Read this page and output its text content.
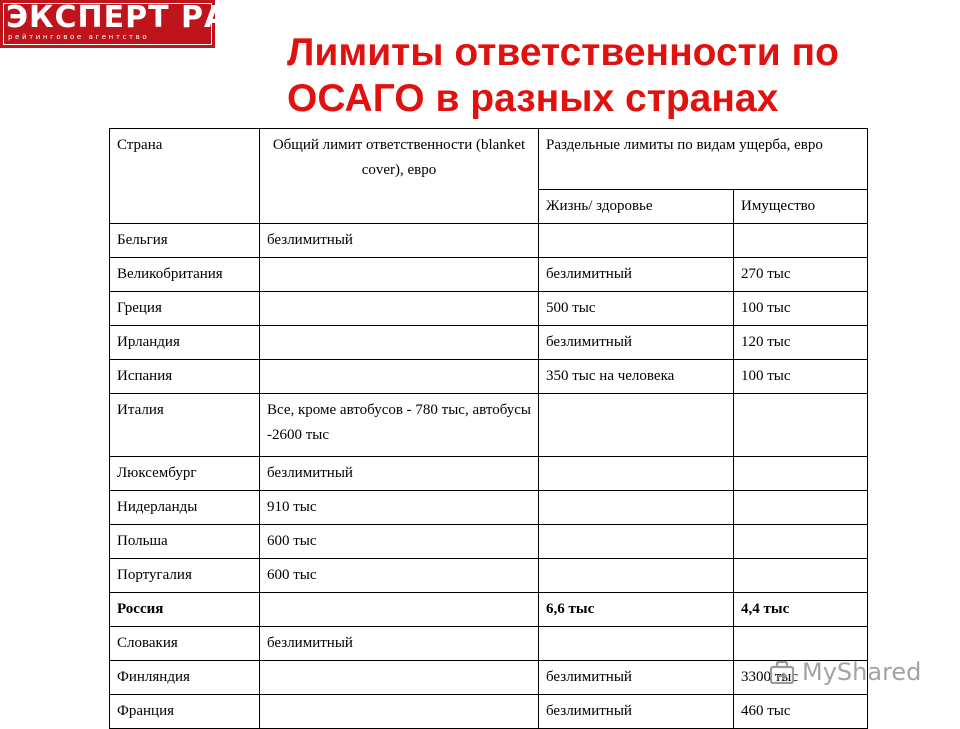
ЭКСПЕРТ РА
рейтинговое агентство	Лимиты ответственности по
ОСАГО в разных странах
Страна	Общий лимит ответственности (blanket cover), евро	Раздельные лимиты по видам ущерба, евро	
		Жизнь/ здоровье	Имущество
Бельгия	безлимитный		
Великобритания		безлимитный	270 тыс
Греция		500 тыс	100 тыс
Ирландия		безлимитный	120 тыс
Испания		350 тыс на человека	100 тыс
Италия	Все, кроме автобусов - 780 тыс, автобусы -2600 тыс		
Люксембург	безлимитный		
Нидерланды	910 тыс		
Польша	600 тыс		
Португалия	600 тыс		
Россия		6,6 тыс	4,4 тыс
Словакия	безлимитный		
Финляндия		безлимитный	3300 тыс
Франция		безлимитный	460 тыс
MyShared
